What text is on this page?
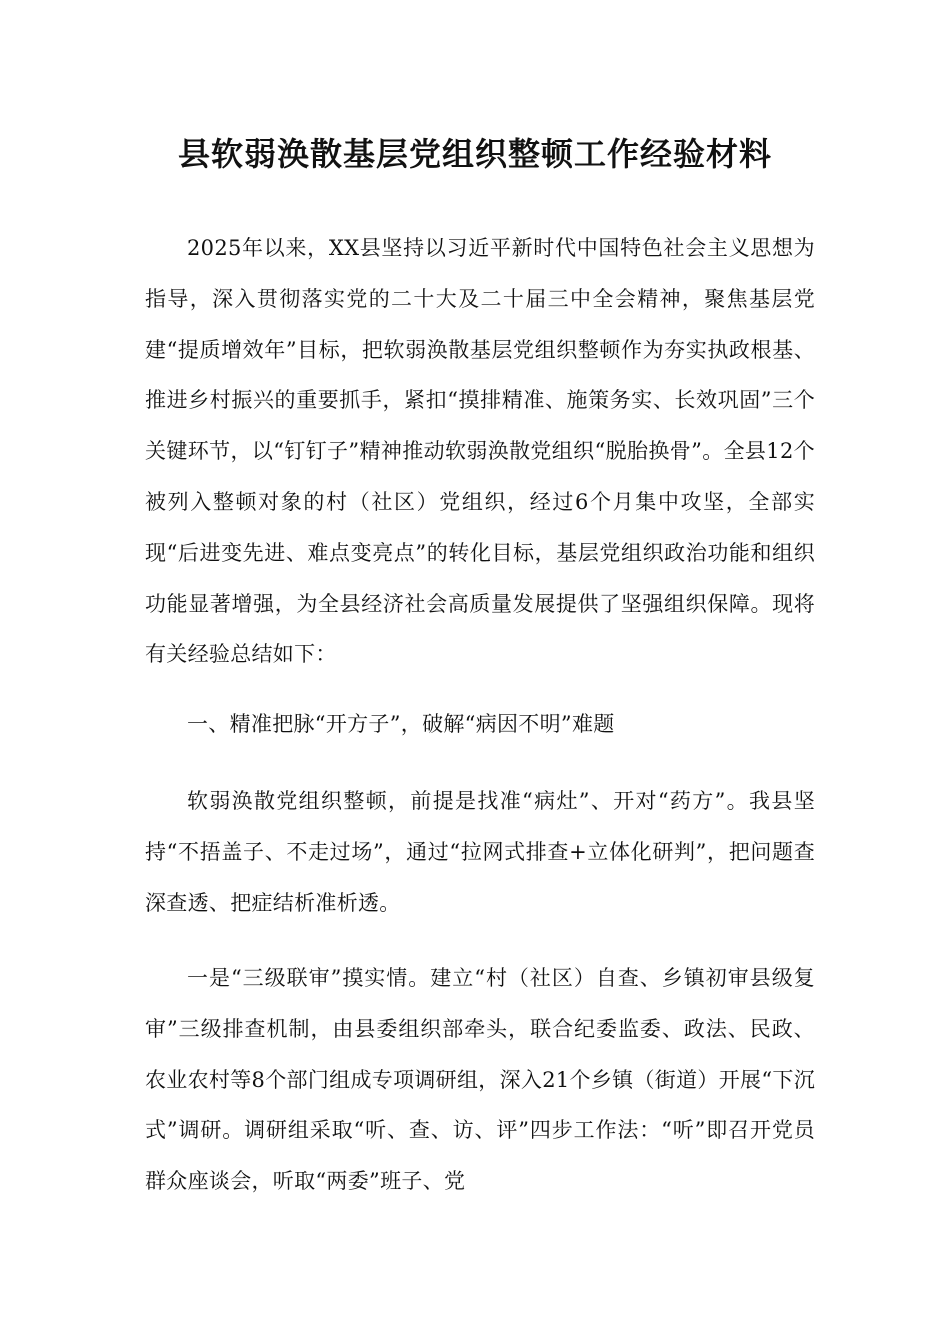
县软弱涣散基层党组织整顿工作经验材料

2025年以来，XX县坚持以习近平新时代中国特色社会主义思想为指导，深入贯彻落实党的二十大及二十届三中全会精神，聚焦基层党建“提质增效年”目标，把软弱涣散基层党组织整顿作为夯实执政根基、推进乡村振兴的重要抓手，紧扣“摸排精准、施策务实、长效巩固”三个关键环节，以“钉钉子”精神推动软弱涣散党组织“脱胎换骨”。全县12个被列入整顿对象的村（社区）党组织，经过6个月集中攻坚，全部实现“后进变先进、难点变亮点”的转化目标，基层党组织政治功能和组织功能显著增强，为全县经济社会高质量发展提供了坚强组织保障。现将有关经验总结如下：

一、精准把脉“开方子”，破解“病因不明”难题

软弱涣散党组织整顿，前提是找准“病灶”、开对“药方”。我县坚持“不捂盖子、不走过场”，通过“拉网式排查+立体化研判”，把问题查深查透、把症结析准析透。

一是“三级联审”摸实情。建立“村（社区）自查、乡镇初审县级复审”三级排查机制，由县委组织部牵头，联合纪委监委、政法、民政、农业农村等8个部门组成专项调研组，深入21个乡镇（街道）开展“下沉式”调研。调研组采取“听、查、访、评”四步工作法：“听”即召开党员群众座谈会，听取“两委”班子、党
